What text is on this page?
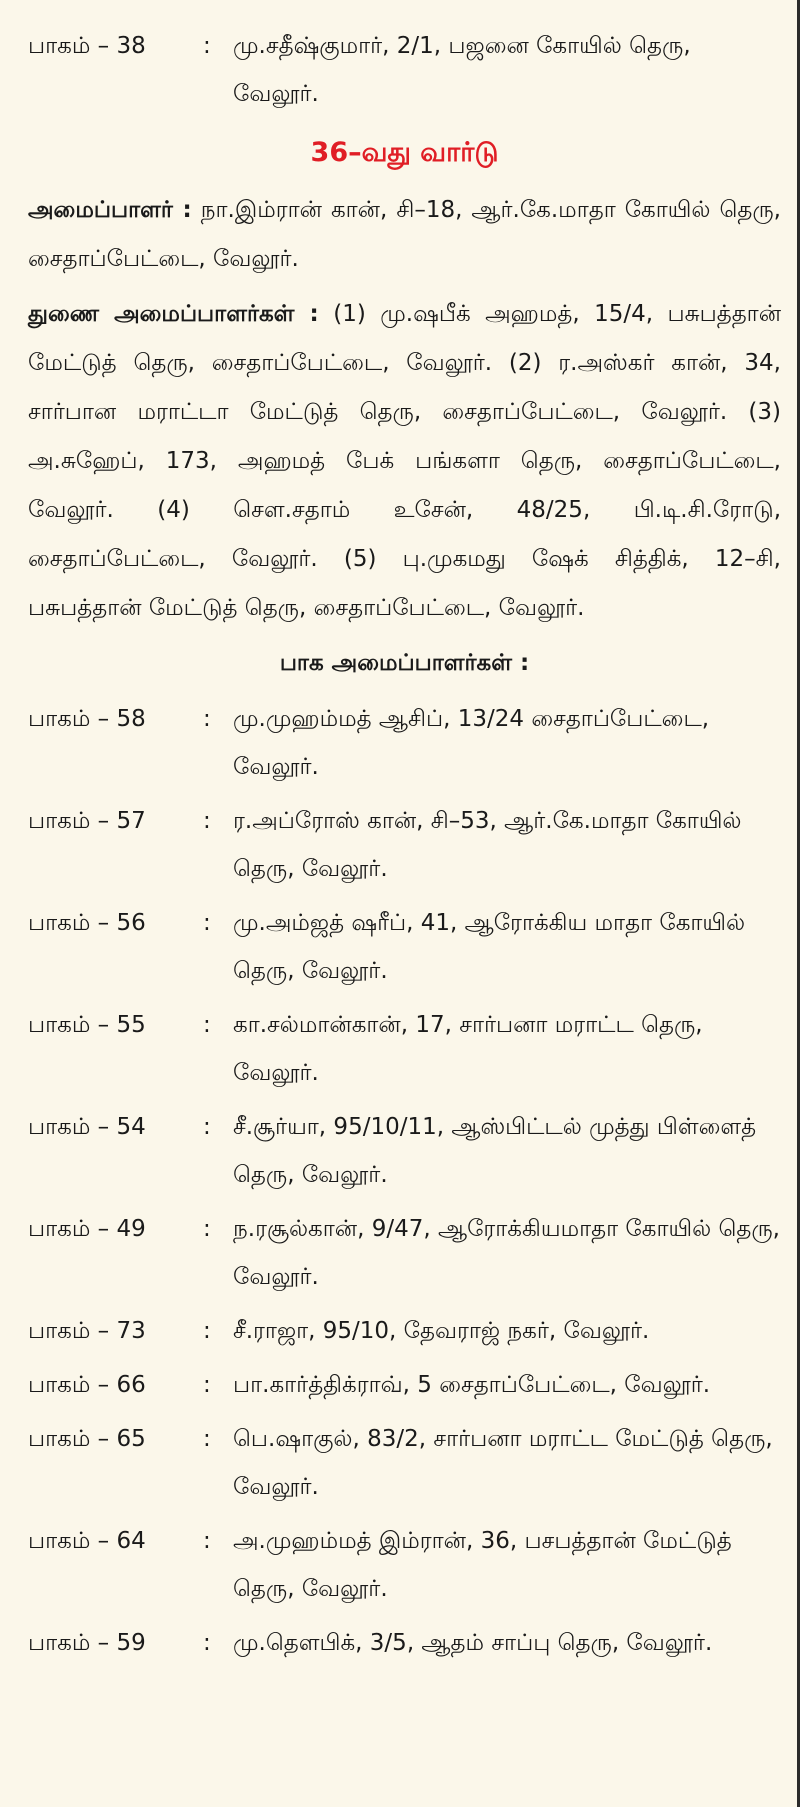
பாகம் – 38	: மு.சதீஷ்குமார், 2/1, பஜனை கோயில் தெரு, வேலூர்.
36–வது வார்டு

அமைப்பாளர் : நா.இம்ரான் கான், சி–18, ஆர்.கே.மாதா கோயில் தெரு, சைதாப்பேட்டை, வேலூர்.

துணை அமைப்பாளர்கள் : (1) மு.ஷபீக் அஹமத், 15/4, பசுபத்தான் மேட்டுத் தெரு, சைதாப்பேட்டை, வேலூர். (2) ர.அஸ்கர் கான், 34, சார்பான மராட்டா மேட்டுத் தெரு, சைதாப்பேட்டை, வேலூர். (3) அ.சுஹேப், 173, அஹமத் பேக் பங்களா தெரு, சைதாப்பேட்டை, வேலூர். (4) சௌ.சதாம் உசேன், 48/25, பி.டி.சி.ரோடு, சைதாப்பேட்டை, வேலூர். (5) பு.முகமது ஷேக் சித்திக், 12–சி, பசுபத்தான் மேட்டுத் தெரு, சைதாப்பேட்டை, வேலூர்.

பாக அமைப்பாளர்கள் :
பாகம் – 58	: மு.முஹம்மத் ஆசிப், 13/24 சைதாப்பேட்டை, வேலூர்.
பாகம் – 57	: ர.அப்ரோஸ் கான், சி–53, ஆர்.கே.மாதா கோயில் தெரு, வேலூர்.
பாகம் – 56	: மு.அம்ஜத் ஷரீப், 41, ஆரோக்கிய மாதா கோயில் தெரு, வேலூர்.
பாகம் – 55	: கா.சல்மான்கான், 17, சார்பனா மராட்ட தெரு, வேலூர்.
பாகம் – 54	: சீ.சூர்யா, 95/10/11, ஆஸ்பிட்டல் முத்து பிள்ளைத் தெரு, வேலூர்.
பாகம் – 49	: ந.ரசூல்கான், 9/47, ஆரோக்கியமாதா கோயில் தெரு, வேலூர்.
பாகம் – 73	: சீ.ராஜா, 95/10, தேவராஜ் நகர், வேலூர்.
பாகம் – 66	: பா.கார்த்திக்ராவ், 5 சைதாப்பேட்டை, வேலூர்.
பாகம் – 65	: பெ.ஷாகுல், 83/2, சார்பனா மராட்ட மேட்டுத் தெரு, வேலூர்.
பாகம் – 64	: அ.முஹம்மத் இம்ரான், 36, பசபத்தான் மேட்டுத் தெரு, வேலூர்.
பாகம் – 59	: மு.தௌபிக், 3/5, ஆதம் சாப்பு தெரு, வேலூர்.
